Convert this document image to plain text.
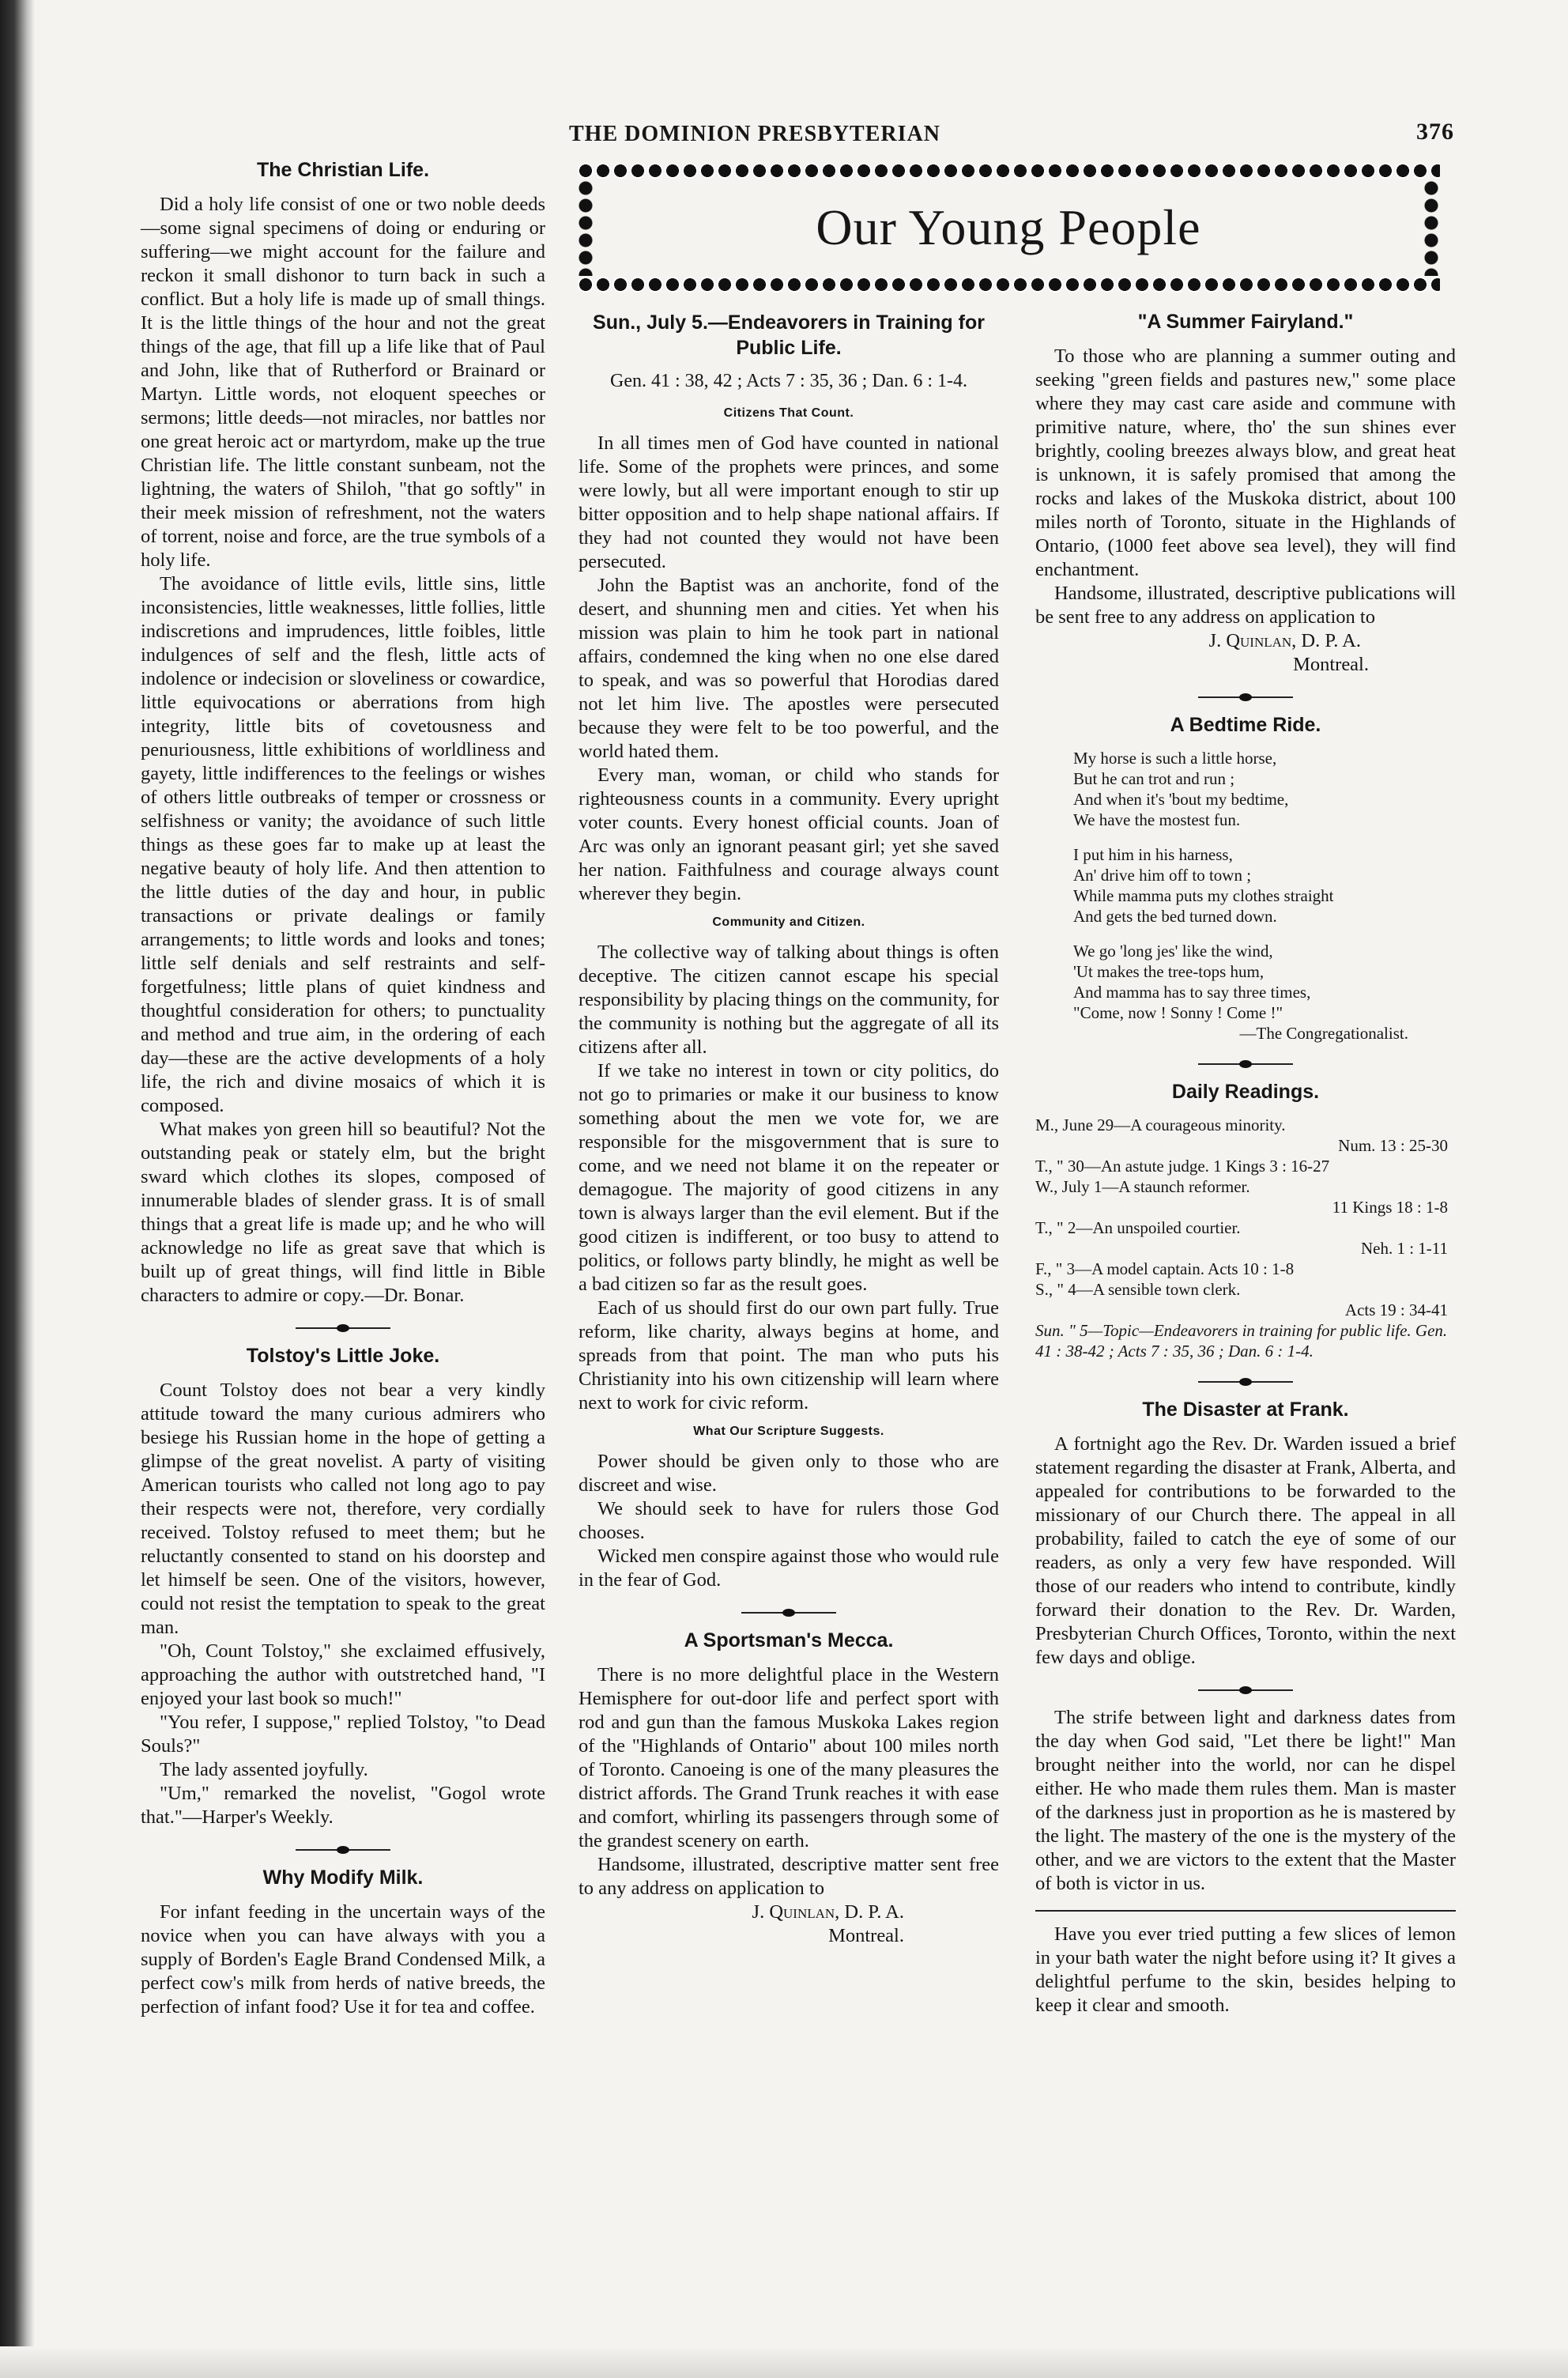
THE DOMINION PRESBYTERIAN	376
Our Young People
The Christian Life.

Did a holy life consist of one or two noble deeds—some signal specimens of doing or enduring or suffering—we might account for the failure and reckon it small dishonor to turn back in such a conflict. But a holy life is made up of small things. It is the little things of the hour and not the great things of the age, that fill up a life like that of Paul and John, like that of Rutherford or Brainard or Martyn. Little words, not eloquent speeches or sermons; little deeds—not miracles, nor battles nor one great heroic act or martyrdom, make up the true Christian life. The little constant sunbeam, not the lightning, the waters of Shiloh, "that go softly" in their meek mission of refreshment, not the waters of torrent, noise and force, are the true symbols of a holy life.

The avoidance of little evils, little sins, little inconsistencies, little weaknesses, little follies, little indiscretions and imprudences, little foibles, little indulgences of self and the flesh, little acts of indolence or indecision or sloveliness or cowardice, little equivocations or aberrations from high integrity, little bits of covetousness and penuriousness, little exhibitions of worldliness and gayety, little indifferences to the feelings or wishes of others little outbreaks of temper or crossness or selfishness or vanity; the avoidance of such little things as these goes far to make up at least the negative beauty of holy life. And then attention to the little duties of the day and hour, in public transactions or private dealings or family arrangements; to little words and looks and tones; little self denials and self restraints and self-forgetfulness; little plans of quiet kindness and thoughtful consideration for others; to punctuality and method and true aim, in the ordering of each day—these are the active developments of a holy life, the rich and divine mosaics of which it is composed.

What makes yon green hill so beautiful? Not the outstanding peak or stately elm, but the bright sward which clothes its slopes, composed of innumerable blades of slender grass. It is of small things that a great life is made up; and he who will acknowledge no life as great save that which is built up of great things, will find little in Bible characters to admire or copy.—Dr. Bonar.

Tolstoy's Little Joke.

Count Tolstoy does not bear a very kindly attitude toward the many curious admirers who besiege his Russian home in the hope of getting a glimpse of the great novelist. A party of visiting American tourists who called not long ago to pay their respects were not, therefore, very cordially received. Tolstoy refused to meet them; but he reluctantly consented to stand on his doorstep and let himself be seen. One of the visitors, however, could not resist the temptation to speak to the great man.

"Oh, Count Tolstoy," she exclaimed effusively, approaching the author with outstretched hand, "I enjoyed your last book so much!"

"You refer, I suppose," replied Tolstoy, "to Dead Souls?"

The lady assented joyfully.

"Um," remarked the novelist, "Gogol wrote that."—Harper's Weekly.

Why Modify Milk.

For infant feeding in the uncertain ways of the novice when you can have always with you a supply of Borden's Eagle Brand Condensed Milk, a perfect cow's milk from herds of native breeds, the perfection of infant food? Use it for tea and coffee.

Sun., July 5.—Endeavorers in Training for Public Life.
Gen. 41 : 38, 42 ; Acts 7 : 35, 36 ; Dan. 6 : 1-4.
Citizens That Count.

In all times men of God have counted in national life. Some of the prophets were princes, and some were lowly, but all were important enough to stir up bitter opposition and to help shape national affairs. If they had not counted they would not have been persecuted.

John the Baptist was an anchorite, fond of the desert, and shunning men and cities. Yet when his mission was plain to him he took part in national affairs, condemned the king when no one else dared to speak, and was so powerful that Horodias dared not let him live. The apostles were persecuted because they were felt to be too powerful, and the world hated them.

Every man, woman, or child who stands for righteousness counts in a community. Every upright voter counts. Every honest official counts. Joan of Arc was only an ignorant peasant girl; yet she saved her nation. Faithfulness and courage always count wherever they begin.

Community and Citizen.

The collective way of talking about things is often deceptive. The citizen cannot escape his special responsibility by placing things on the community, for the community is nothing but the aggregate of all its citizens after all.

If we take no interest in town or city politics, do not go to primaries or make it our business to know something about the men we vote for, we are responsible for the misgovernment that is sure to come, and we need not blame it on the repeater or demagogue. The majority of good citizens in any town is always larger than the evil element. But if the good citizen is indifferent, or too busy to attend to politics, or follows party blindly, he might as well be a bad citizen so far as the result goes.

Each of us should first do our own part fully. True reform, like charity, always begins at home, and spreads from that point. The man who puts his Christianity into his own citizenship will learn where next to work for civic reform.

What Our Scripture Suggests.

Power should be given only to those who are discreet and wise.

We should seek to have for rulers those God chooses.

Wicked men conspire against those who would rule in the fear of God.

A Sportsman's Mecca.

There is no more delightful place in the Western Hemisphere for out-door life and perfect sport with rod and gun than the famous Muskoka Lakes region of the "Highlands of Ontario" about 100 miles north of Toronto. Canoeing is one of the many pleasures the district affords. The Grand Trunk reaches it with ease and comfort, whirling its passengers through some of the grandest scenery on earth.

Handsome, illustrated, descriptive matter sent free to any address on application to

J. Quinlan, D. P. A.
Montreal.
"A Summer Fairyland."

To those who are planning a summer outing and seeking "green fields and pastures new," some place where they may cast care aside and commune with primitive nature, where, tho' the sun shines ever brightly, cooling breezes always blow, and great heat is unknown, it is safely promised that among the rocks and lakes of the Muskoka district, about 100 miles north of Toronto, situate in the Highlands of Ontario, (1000 feet above sea level), they will find enchantment.

Handsome, illustrated, descriptive publications will be sent free to any address on application to

J. Quinlan, D. P. A.
Montreal.
A Bedtime Ride.
My horse is such a little horse,
But he can trot and run ;
And when it's 'bout my bedtime,
We have the mostest fun.
I put him in his harness,
An' drive him off to town ;
While mamma puts my clothes straight
And gets the bed turned down.
We go 'long jes' like the wind,
'Ut makes the tree-tops hum,
And mamma has to say three times,
"Come, now ! Sonny ! Come !"
—The Congregationalist.
Daily Readings.
M., June 29—A courageous minority.
Num. 13 : 25-30
T., " 30—An astute judge. 1 Kings 3 : 16-27
W., July 1—A staunch reformer.
11 Kings 18 : 1-8
T., " 2—An unspoiled courtier.
Neh. 1 : 1-11
F., " 3—A model captain. Acts 10 : 1-8
S., " 4—A sensible town clerk.
Acts 19 : 34-41
Sun. " 5—Topic—Endeavorers in training for public life. Gen. 41 : 38-42 ; Acts 7 : 35, 36 ; Dan. 6 : 1-4.
The Disaster at Frank.

A fortnight ago the Rev. Dr. Warden issued a brief statement regarding the disaster at Frank, Alberta, and appealed for contributions to be forwarded to the missionary of our Church there. The appeal in all probability, failed to catch the eye of some of our readers, as only a very few have responded. Will those of our readers who intend to contribute, kindly forward their donation to the Rev. Dr. Warden, Presbyterian Church Offices, Toronto, within the next few days and oblige.

The strife between light and darkness dates from the day when God said, "Let there be light!" Man brought neither into the world, nor can he dispel either. He who made them rules them. Man is master of the darkness just in proportion as he is mastered by the light. The mastery of the one is the mystery of the other, and we are victors to the extent that the Master of both is victor in us.

Have you ever tried putting a few slices of lemon in your bath water the night before using it? It gives a delightful perfume to the skin, besides helping to keep it clear and smooth.
